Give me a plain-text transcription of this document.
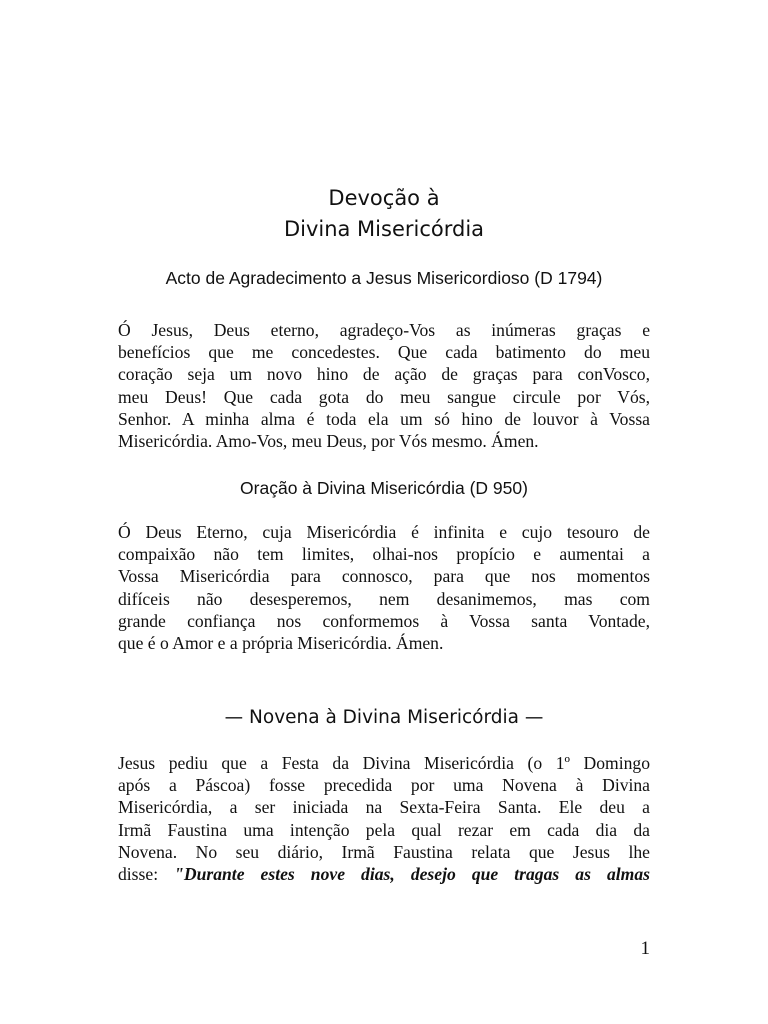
Devoção à
Divina Misericórdia
Acto de Agradecimento a Jesus Misericordioso (D 1794)
Ó Jesus, Deus eterno, agradeço-Vos as inúmeras graças e
benefícios que me concedestes. Que cada batimento do meu
coração seja um novo hino de ação de graças para conVosco,
meu Deus! Que cada gota do meu sangue circule por Vós,
Senhor. A minha alma é toda ela um só hino de louvor à Vossa
Misericórdia. Amo-Vos, meu Deus, por Vós mesmo. Ámen.
Oração à Divina Misericórdia (D 950)
Ó Deus Eterno, cuja Misericórdia é infinita e cujo tesouro de
compaixão não tem limites, olhai-nos propício e aumentai a
Vossa Misericórdia para connosco, para que nos momentos
difíceis não desesperemos, nem desanimemos, mas com
grande confiança nos conformemos à Vossa santa Vontade,
que é o Amor e a própria Misericórdia. Ámen.
— Novena à Divina Misericórdia —
Jesus pediu que a Festa da Divina Misericórdia (o 1º Domingo
após a Páscoa) fosse precedida por uma Novena à Divina
Misericórdia, a ser iniciada na Sexta-Feira Santa. Ele deu a
Irmã Faustina uma intenção pela qual rezar em cada dia da
Novena. No seu diário, Irmã Faustina relata que Jesus lhe
disse: "Durante estes nove dias, desejo que tragas as almas
1
